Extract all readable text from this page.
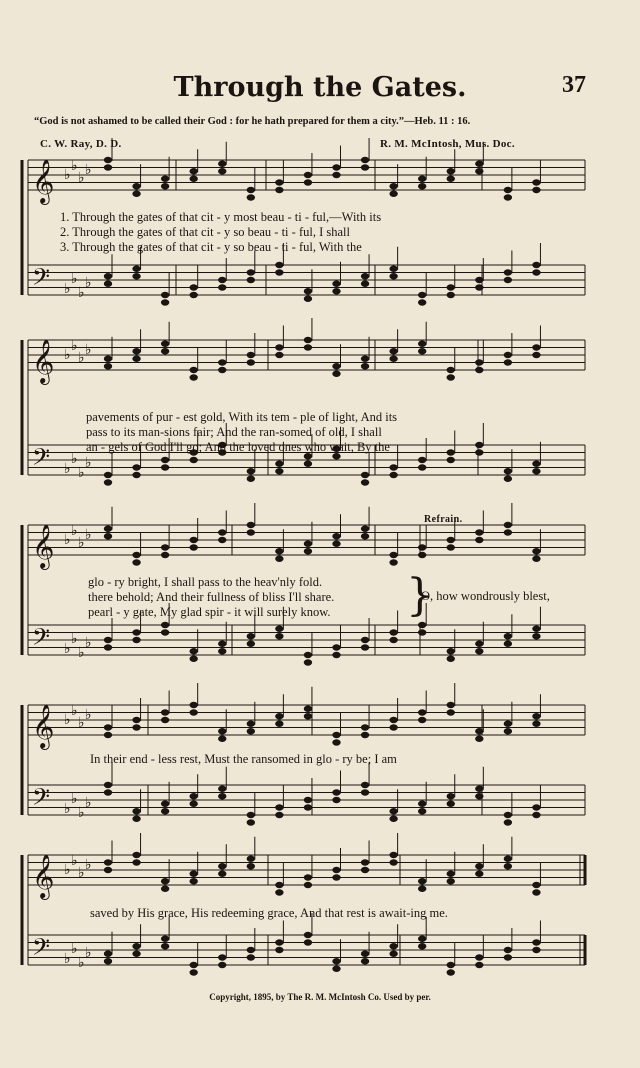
Through the Gates.	37
“God is not ashamed to be called their God : for he hath prepared for them a city.”—Heb. 11 : 16.
C. W. Ray, D. D.	R. M. McIntosh, Mus. Doc.
Refrain.
𝄞 ♭
♭
♭ ♭
𝄢 ♭
♭
♭
♭
𝄞 ♭
♭
♭ ♭
𝄢 ♭
♭
♭
♭
𝄞 ♭
♭
♭ ♭
𝄢 ♭
♭
♭
♭
𝄞 ♭
♭
♭ ♭
𝄢 ♭
♭
♭
♭
𝄞 ♭
♭
♭ ♭
𝄢 ♭
♭
♭
♭
1. Through the gates of that cit - y most beau - ti - ful,—With its
2. Through the gates of that cit - y so beau - ti - ful, I shall
3. Through the gates of that cit - y so beau - ti - ful, With the
pavements of pur - est gold, With its tem - ple of light, And its
pass to its man-sions fair; And the ran-somed of old, I shall
an - gels of God I'll go; And the loved ones who wait, By the
glo - ry bright, I shall pass to the heav'nly fold.
there behold; And their fullness of bliss I'll share.
pearl - y gate, My glad spir - it will surely know. }
O, how wondrously blest,
In their end - less rest, Must the ransomed in glo - ry be; I am
saved by His grace, His redeeming grace, And that rest is await-ing me.
Copyright, 1895, by The R. M. McIntosh Co. Used by per.
